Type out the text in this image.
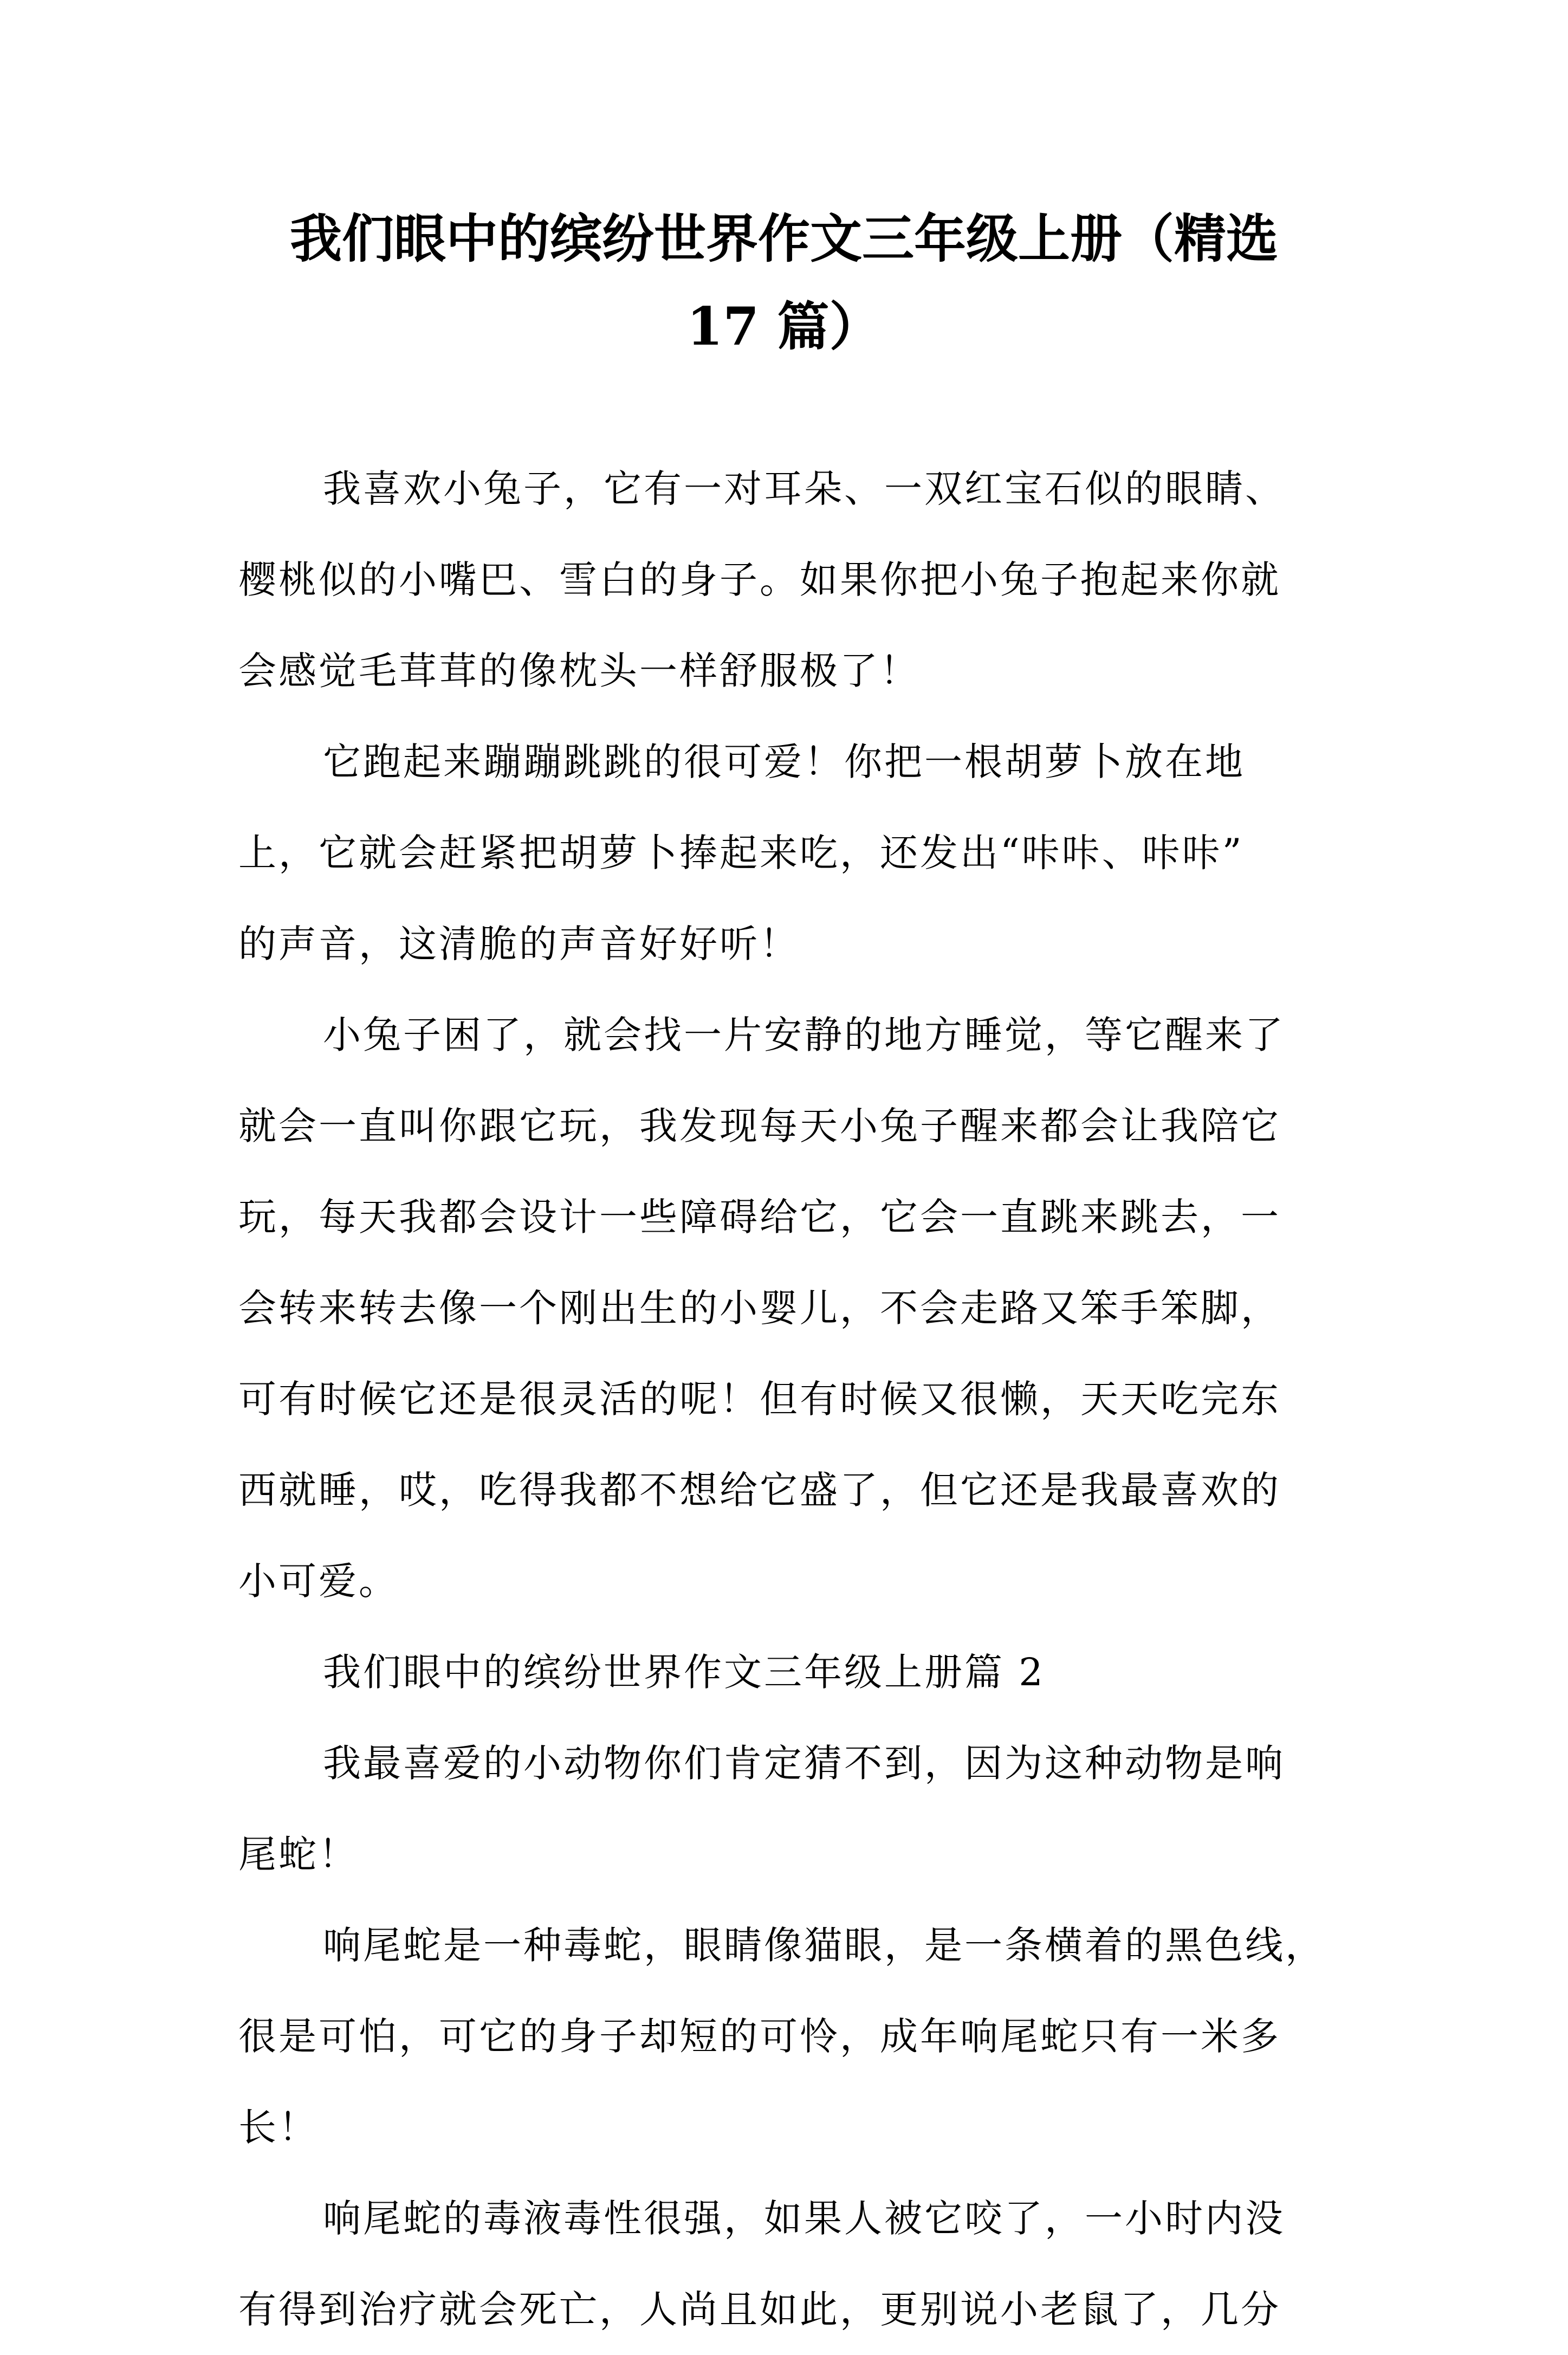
我们眼中的缤纷世界作文三年级上册（精选
17 篇）
我喜欢小兔子，它有一对耳朵、一双红宝石似的眼睛、
樱桃似的小嘴巴、雪白的身子。如果你把小兔子抱起来你就
会感觉毛茸茸的像枕头一样舒服极了！
它跑起来蹦蹦跳跳的很可爱！你把一根胡萝卜放在地
上，它就会赶紧把胡萝卜捧起来吃，还发出“咔咔、咔咔”
的声音，这清脆的声音好好听！
小兔子困了，就会找一片安静的地方睡觉，等它醒来了
就会一直叫你跟它玩，我发现每天小兔子醒来都会让我陪它
玩，每天我都会设计一些障碍给它，它会一直跳来跳去，一
会转来转去像一个刚出生的小婴儿，不会走路又笨手笨脚，
可有时候它还是很灵活的呢！但有时候又很懒，天天吃完东
西就睡，哎，吃得我都不想给它盛了，但它还是我最喜欢的
小可爱。
我们眼中的缤纷世界作文三年级上册篇 2
我最喜爱的小动物你们肯定猜不到，因为这种动物是响
尾蛇！
响尾蛇是一种毒蛇，眼睛像猫眼，是一条横着的黑色线，
很是可怕，可它的身子却短的可怜，成年响尾蛇只有一米多
长！
响尾蛇的毒液毒性很强，如果人被它咬了，一小时内没
有得到治疗就会死亡，人尚且如此，更别说小老鼠了，几分
